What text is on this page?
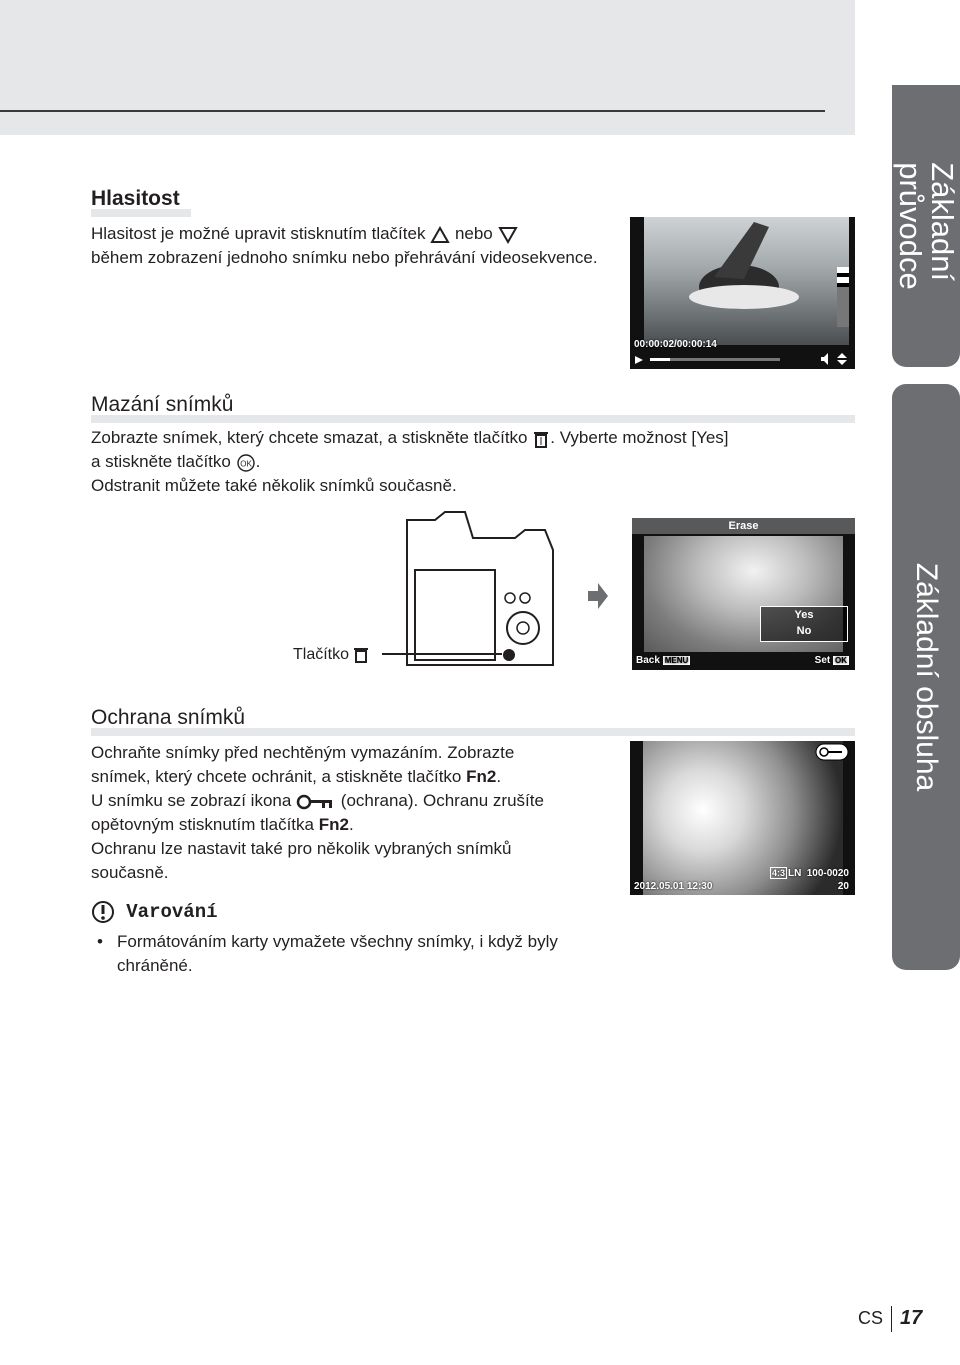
Základní
průvodce
Základní obsluha
Hlasitost
Hlasitost je možné upravit stisknutím tlačítek nebo
během zobrazení jednoho snímku nebo přehrávání videosekvence.
00:00:02/00:00:14
Mazání snímků
Zobrazte snímek, který chcete smazat, a stiskněte tlačítko . Vyberte možnost [Yes]
a stiskněte tlačítko OK .
Odstranit můžete také několik snímků současně.
Tlačítko
Erase
Yes
No
Back MENU	Set OK
Ochrana snímků
Ochraňte snímky před nechtěným vymazáním. Zobrazte
snímek, který chcete ochránit, a stiskněte tlačítko Fn2.
U snímku se zobrazí ikona	(ochrana). Ochranu zrušíte
opětovným stisknutím tlačítka Fn2.
Ochranu lze nastavit také pro několik vybraných snímků
současně.	4:3 LN 100-0020
2012.05.01 12:30	20
Varování
• Formátováním karty vymažete všechny snímky, i když byly chráněné.
CS 17
